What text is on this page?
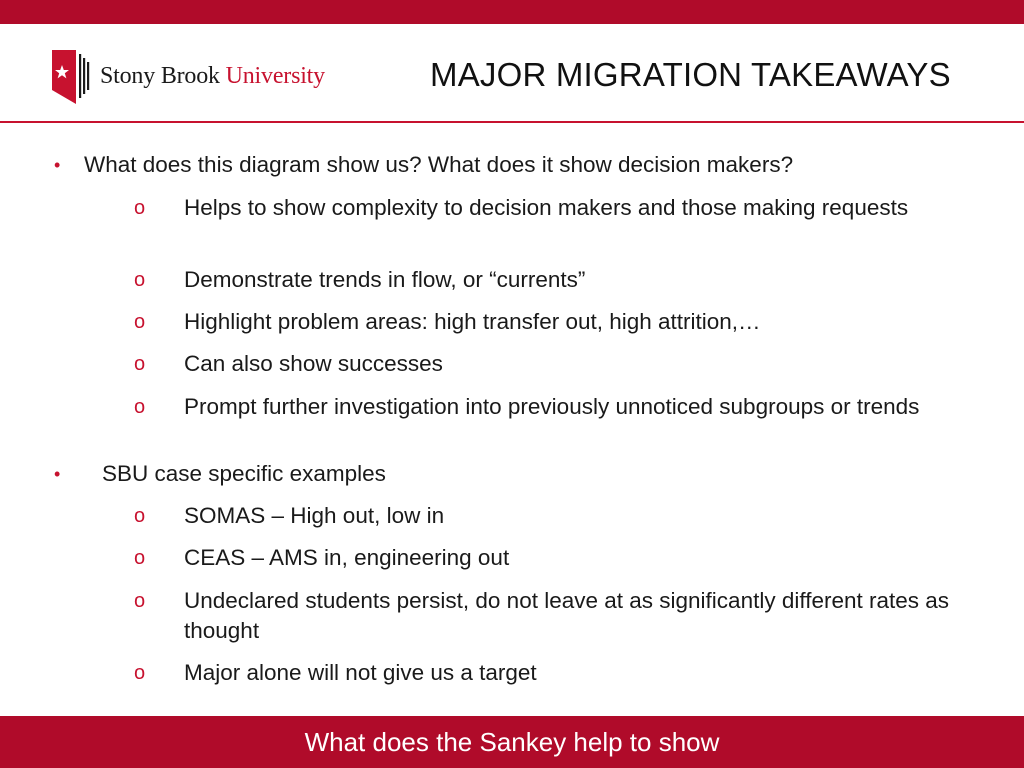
Stony Brook University	MAJOR MIGRATION TAKEAWAYS
• What does this diagram show us? What does it show decision makers?
o Helps to show complexity to decision makers and those making requests
o Demonstrate trends in flow, or “currents”
o Highlight problem areas: high transfer out, high attrition,…
o Can also show successes
o Prompt further investigation into previously unnoticed subgroups or trends
• SBU case specific examples
o SOMAS – High out, low in
o CEAS – AMS in, engineering out
o Undeclared students persist, do not leave at as significantly different rates as thought
o Major alone will not give us a target
What does the Sankey help to show
